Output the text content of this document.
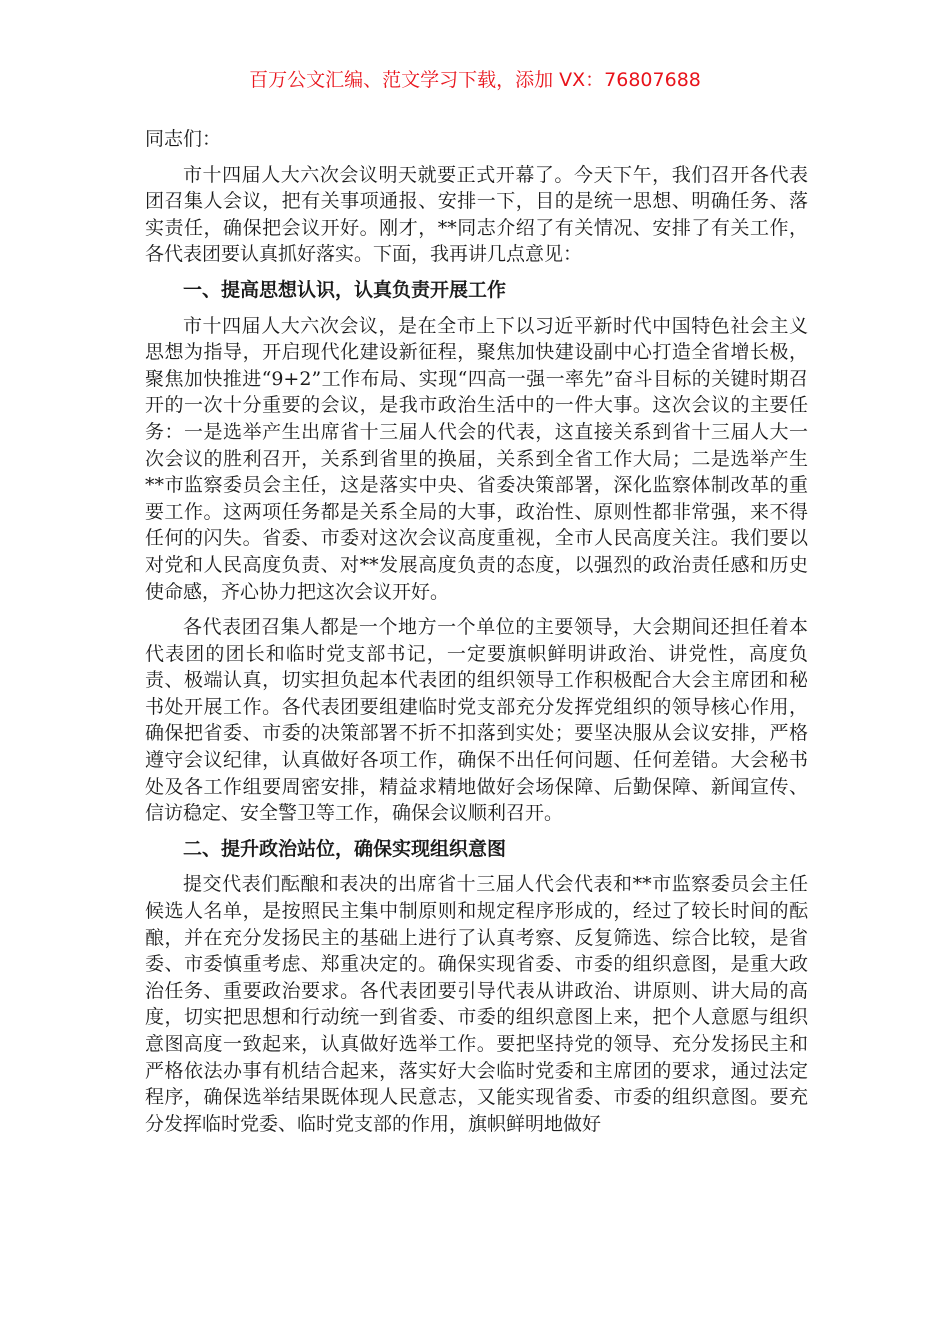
百万公文汇编、范文学习下载，添加 VX：76807688

同志们：

市十四届人大六次会议明天就要正式开幕了。今天下午，我们召开各代表团召集人会议，把有关事项通报、安排一下，目的是统一思想、明确任务、落实责任，确保把会议开好。刚才，**同志介绍了有关情况、安排了有关工作，各代表团要认真抓好落实。下面，我再讲几点意见：

一、提高思想认识，认真负责开展工作

市十四届人大六次会议，是在全市上下以习近平新时代中国特色社会主义思想为指导，开启现代化建设新征程，聚焦加快建设副中心打造全省增长极，聚焦加快推进“9+2”工作布局、实现“四高一强一率先”奋斗目标的关键时期召开的一次十分重要的会议，是我市政治生活中的一件大事。这次会议的主要任务：一是选举产生出席省十三届人代会的代表，这直接关系到省十三届人大一次会议的胜利召开，关系到省里的换届，关系到全省工作大局；二是选举产生**市监察委员会主任，这是落实中央、省委决策部署，深化监察体制改革的重要工作。这两项任务都是关系全局的大事，政治性、原则性都非常强，来不得任何的闪失。省委、市委对这次会议高度重视，全市人民高度关注。我们要以对党和人民高度负责、对**发展高度负责的态度，以强烈的政治责任感和历史使命感，齐心协力把这次会议开好。

各代表团召集人都是一个地方一个单位的主要领导，大会期间还担任着本代表团的团长和临时党支部书记，一定要旗帜鲜明讲政治、讲党性，高度负责、极端认真，切实担负起本代表团的组织领导工作积极配合大会主席团和秘书处开展工作。各代表团要组建临时党支部充分发挥党组织的领导核心作用，确保把省委、市委的决策部署不折不扣落到实处；要坚决服从会议安排，严格遵守会议纪律，认真做好各项工作，确保不出任何问题、任何差错。大会秘书处及各工作组要周密安排，精益求精地做好会场保障、后勤保障、新闻宣传、信访稳定、安全警卫等工作，确保会议顺利召开。

二、提升政治站位，确保实现组织意图

提交代表们酝酿和表决的出席省十三届人代会代表和**市监察委员会主任候选人名单，是按照民主集中制原则和规定程序形成的，经过了较长时间的酝酿，并在充分发扬民主的基础上进行了认真考察、反复筛选、综合比较，是省委、市委慎重考虑、郑重决定的。确保实现省委、市委的组织意图，是重大政治任务、重要政治要求。各代表团要引导代表从讲政治、讲原则、讲大局的高度，切实把思想和行动统一到省委、市委的组织意图上来，把个人意愿与组织意图高度一致起来，认真做好选举工作。要把坚持党的领导、充分发扬民主和严格依法办事有机结合起来，落实好大会临时党委和主席团的要求，通过法定程序，确保选举结果既体现人民意志，又能实现省委、市委的组织意图。要充分发挥临时党委、临时党支部的作用，旗帜鲜明地做好
